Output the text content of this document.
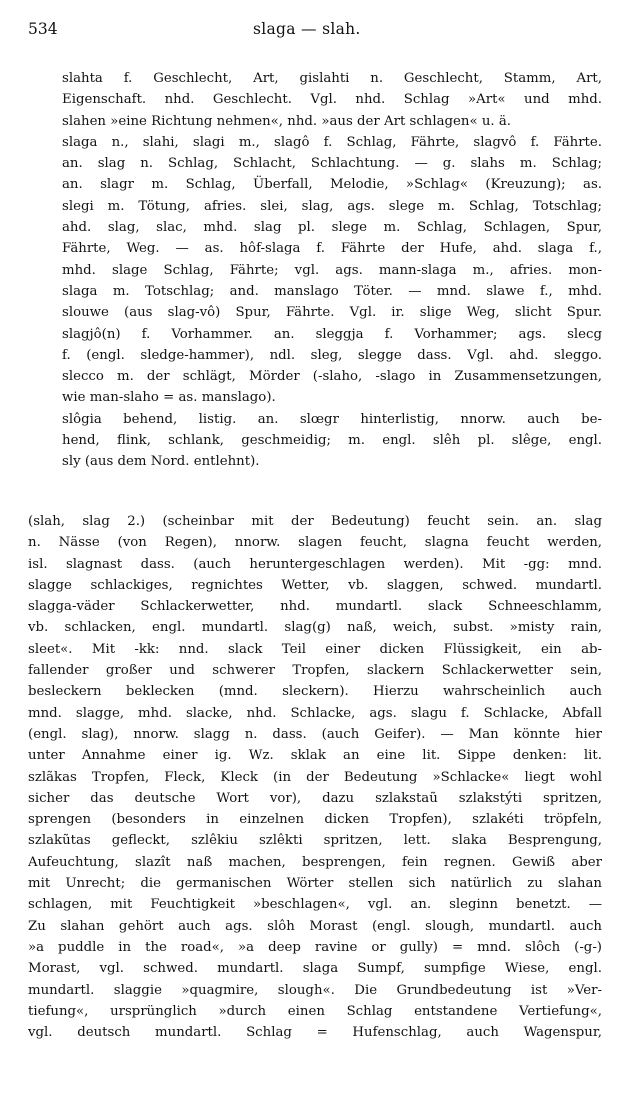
534	slaga — slah.
slahta f. Geschlecht, Art, gislahti n. Geschlecht, Stamm, Art,
Eigenschaft. nhd. Geschlecht. Vgl. nhd. Schlag »Art« und mhd.
slahen »eine Richtung nehmen«, nhd. »aus der Art schlagen« u. ä.
slaga n., slahi, slagi m., slagô f. Schlag, Fährte, slagvô f. Fährte.
an. slag n. Schlag, Schlacht, Schlachtung. — g. slahs m. Schlag;
an. slagr m. Schlag, Überfall, Melodie, »Schlag« (Kreuzung); as.
slegi m. Tötung, afries. slei, slag, ags. slege m. Schlag, Totschlag;
ahd. slag, slac, mhd. slag pl. slege m. Schlag, Schlagen, Spur,
Fährte, Weg. — as. hôf-slaga f. Fährte der Hufe, ahd. slaga f.,
mhd. slage Schlag, Fährte; vgl. ags. mann-slaga m., afries. mon-
slaga m. Totschlag; and. manslago Töter. — mnd. slawe f., mhd.
slouwe (aus slag-vô) Spur, Fährte. Vgl. ir. slige Weg, slicht Spur.
slagjô(n) f. Vorhammer. an. sleggja f. Vorhammer; ags. slecg
f. (engl. sledge-hammer), ndl. sleg, slegge dass. Vgl. ahd. sleggo.
slecco m. der schlägt, Mörder (-slaho, -slago in Zusammensetzungen,
wie man-slaho = as. manslago).
slôgia behend, listig. an. slœgr hinterlistig, nnorw. auch be-
hend, flink, schlank, geschmeidig; m. engl. slêh pl. slêge, engl.
sly (aus dem Nord. entlehnt).
(slah, slag 2.) (scheinbar mit der Bedeutung) feucht sein. an. slag
n. Nässe (von Regen), nnorw. slagen feucht, slagna feucht werden,
isl. slagnast dass. (auch heruntergeschlagen werden). Mit -gg: mnd.
slagge schlackiges, regnichtes Wetter, vb. slaggen, schwed. mundartl.
slagga-väder Schlackerwetter, nhd. mundartl. slack Schneeschlamm,
vb. schlacken, engl. mundartl. slag(g) naß, weich, subst. »misty rain,
sleet«. Mit -kk: nnd. slack Teil einer dicken Flüssigkeit, ein ab-
fallender großer und schwerer Tropfen, slackern Schlackerwetter sein,
besleckern beklecken (mnd. sleckern). Hierzu wahrscheinlich auch
mnd. slagge, mhd. slacke, nhd. Schlacke, ags. slagu f. Schlacke, Abfall
(engl. slag), nnorw. slagg n. dass. (auch Geifer). — Man könnte hier
unter Annahme einer ig. Wz. sklak an eine lit. Sippe denken: lit.
szlãkas Tropfen, Fleck, Kleck (in der Bedeutung »Schlacke« liegt wohl
sicher das deutsche Wort vor), dazu szlakstaũ szlakstýti spritzen,
sprengen (besonders in einzelnen dicken Tropfen), szlakéti tröpfeln,
szlakũtas gefleckt, szlêkiu szlêkti spritzen, lett. slaka Besprengung,
Aufeuchtung, slazît naß machen, besprengen, fein regnen. Gewiß aber
mit Unrecht; die germanischen Wörter stellen sich natürlich zu slahan
schlagen, mit Feuchtigkeit »beschlagen«, vgl. an. sleginn benetzt. —
Zu slahan gehört auch ags. slôh Morast (engl. slough, mundartl. auch
»a puddle in the road«, »a deep ravine or gully) = mnd. slôch (-g-)
Morast, vgl. schwed. mundartl. slaga Sumpf, sumpfige Wiese, engl.
mundartl. slaggie »quagmire, slough«. Die Grundbedeutung ist »Ver-
tiefung«, ursprünglich »durch einen Schlag entstandene Vertiefung«,
vgl. deutsch mundartl. Schlag = Hufenschlag, auch Wagenspur,
